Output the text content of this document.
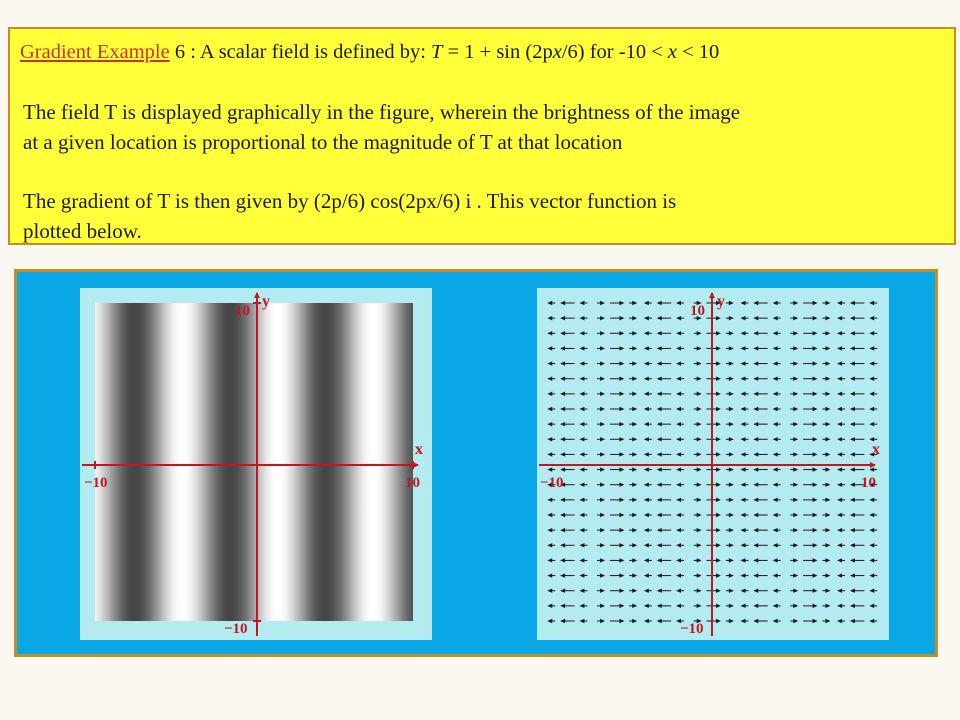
Gradient Example 6 : A scalar field is defined by: T = 1 + sin (2px/6) for -10 < x < 10
The field T is displayed graphically in the figure, wherein the brightness of the image
at a given location is proportional to the magnitude of T at that location
The gradient of T is then given by (2p/6) cos(2px/6) i . This vector function is
plotted below.
x
y
−10	10
10
−10
x
y
−10	10
10
−10
